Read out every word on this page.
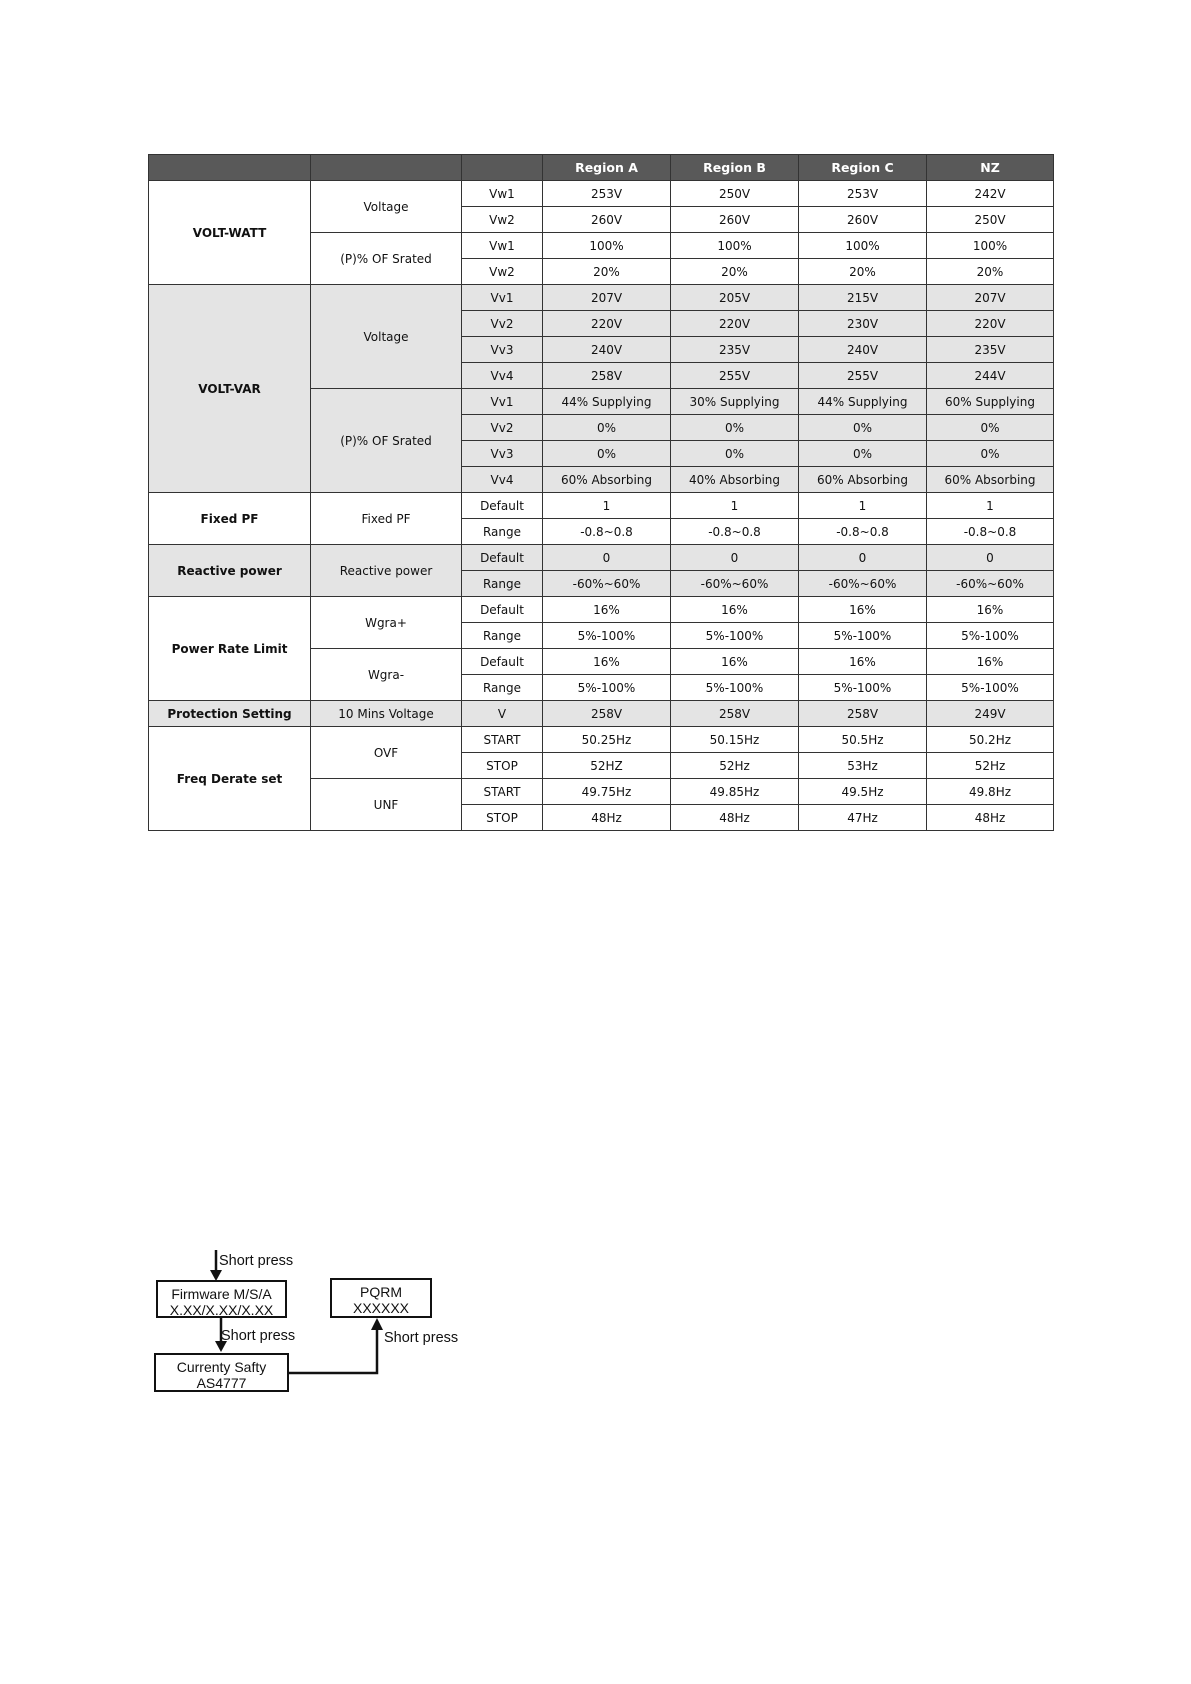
			Region A	Region B	Region C	NZ
VOLT-WATT	Voltage	Vw1	253V	250V	253V	242V
		Vw2	260V	260V	260V	250V
	(P)% OF Srated	Vw1	100%	100%	100%	100%
		Vw2	20%	20%	20%	20%
VOLT-VAR	Voltage	Vv1	207V	205V	215V	207V
		Vv2	220V	220V	230V	220V
		Vv3	240V	235V	240V	235V
		Vv4	258V	255V	255V	244V
	(P)% OF Srated	Vv1	44% Supplying	30% Supplying	44% Supplying	60% Supplying
		Vv2	0%	0%	0%	0%
		Vv3	0%	0%	0%	0%
		Vv4	60% Absorbing	40% Absorbing	60% Absorbing	60% Absorbing
Fixed PF	Fixed PF	Default	1	1	1	1
		Range	-0.8~0.8	-0.8~0.8	-0.8~0.8	-0.8~0.8
Reactive power	Reactive power	Default	0	0	0	0
		Range	-60%~60%	-60%~60%	-60%~60%	-60%~60%
Power Rate Limit	Wgra+	Default	16%	16%	16%	16%
		Range	5%-100%	5%-100%	5%-100%	5%-100%
	Wgra-	Default	16%	16%	16%	16%
		Range	5%-100%	5%-100%	5%-100%	5%-100%
Protection Setting	10 Mins Voltage	V	258V	258V	258V	249V
Freq Derate set	OVF	START	50.25Hz	50.15Hz	50.5Hz	50.2Hz
		STOP	52HZ	52Hz	53Hz	52Hz
	UNF	START	49.75Hz	49.85Hz	49.5Hz	49.8Hz
		STOP	48Hz	48Hz	47Hz	48Hz
Short press
Firmware M/S/A
X.XX/X.XX/X.XX
Short press
Currenty Safty
AS4777
PQRM
XXXXXX
Short press
